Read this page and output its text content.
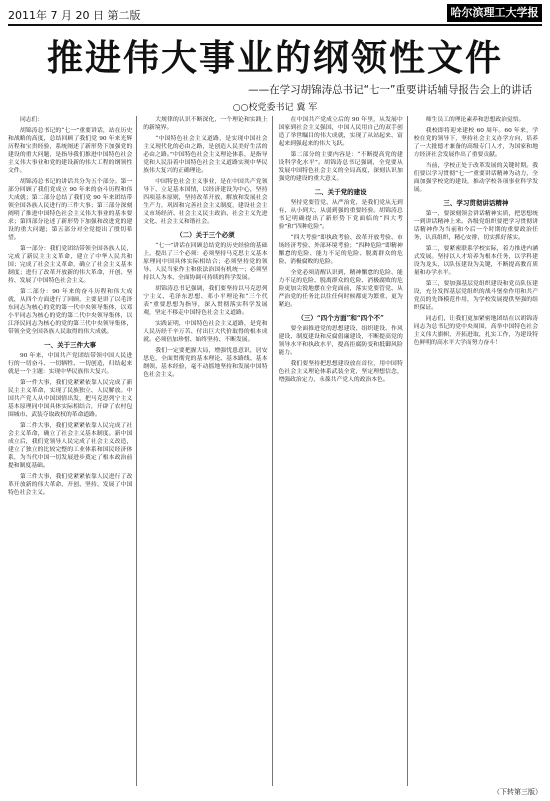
2011年 7 月 20 日 第二版	哈尔滨理工大学报
推进伟大事业的纲领性文件
——在学习胡锦涛总书记“七一”重要讲话辅导报告会上的讲话
○○校党委书记 冀 军

同志们：

胡锦涛总书记的“七一”重要讲话，站在历史和战略的高度，总结回顾了我们党 90 年来光辉历程和宝贵经验，系统阐述了新形势下加强党的建设的重大问题，是指导我们推进中国特色社会主义伟大事业和党的建设新的伟大工程的纲领性文件。

胡锦涛总书记的讲话共分为五个部分。第一部分回顾了我们党成立 90 年来的奋斗历程和伟大成就；第二部分总结了我们党 90 年来团结带领全国各族人民进行的三件大事；第三部分深刻阐明了推进中国特色社会主义伟大事业的基本要求；第四部分论述了新形势下加强和改进党的建设的重大问题；第五部分对全党提出了殷切希望。

第一部分：我们党团结带领全国各族人民，完成了新民主主义革命，建立了中华人民共和国；完成了社会主义革命，确立了社会主义基本制度；进行了改革开放新的伟大革命，开创、坚持、发展了中国特色社会主义。

第二部分：90 年来的奋斗历程和伟大成就，从四个方面进行了回顾，主要是讲了以毛泽东同志为核心的党的第一代中央领导集体，以邓小平同志为核心的党的第二代中央领导集体，以江泽民同志为核心的党的第三代中央领导集体，带领全党全国各族人民取得的伟大成就。

一、关于三件大事

90 年来，中国共产党团结带领中国人民进行的一切奋斗、一切牺牲、一切创造，归结起来就是一个主题：实现中华民族伟大复兴。

第一件大事，我们党紧紧依靠人民完成了新民主主义革命，实现了民族独立、人民解放。中国共产党人从中国国情出发，把马克思列宁主义基本原理同中国具体实际相结合，开辟了农村包围城市、武装夺取政权的革命道路。

第二件大事，我们党紧紧依靠人民完成了社会主义革命，确立了社会主义基本制度。新中国成立后，我们党领导人民完成了社会主义改造，建立了独立的比较完整的工业体系和国民经济体系，为当代中国一切发展进步奠定了根本政治前提和制度基础。

第三件大事，我们党紧紧依靠人民进行了改革开放新的伟大革命，开创、坚持、发展了中国特色社会主义。

大规律的认识不断深化，一个理论和实践上的新境界。

“中国特色社会主义道路，是实现中国社会主义现代化的必由之路，是创造人民美好生活的必由之路。”中国特色社会主义理论体系，是指导党和人民沿着中国特色社会主义道路实现中华民族伟大复兴的正确理论。

中国特色社会主义事业，是在中国共产党领导下，立足基本国情，以经济建设为中心，坚持四项基本原则，坚持改革开放，解放和发展社会生产力，巩固和完善社会主义制度，建设社会主义市场经济、社会主义民主政治、社会主义先进文化、社会主义和谐社会。

（二）关于三个必须

“七一”讲话在回顾总结党的历史经验的基础上，提出了三个必须：必须坚持马克思主义基本原理同中国具体实际相结合；必须坚持党的领导、人民当家作主和依法治国有机统一；必须坚持以人为本、全面协调可持续的科学发展。

胡锦涛总书记强调，我们要坚持以马克思列宁主义、毛泽东思想、邓小平理论和“三个代表”重要思想为指导，深入贯彻落实科学发展观，坚定不移走中国特色社会主义道路。

实践证明，中国特色社会主义道路，是党和人民历经千辛万苦、付出巨大代价取得的根本成就。必须倍加珍惜、始终坚持、不断发展。

我们一定要把握大局，增强忧患意识，居安思危，全面贯彻党的基本理论、基本路线、基本纲领、基本经验，毫不动摇地坚持和发展中国特色社会主义。

在中国共产党成立后的 90 年里，从发展中国家到社会主义强国，中国人民用自己的双手创造了举世瞩目的伟大成就，实现了从站起来、富起来到强起来的伟大飞跃。

第二部分的主要内容是：“不断提高党的建设科学化水平”。胡锦涛总书记强调，全党要从发展中国特色社会主义的全局高度，深刻认识加强党的建设的重大意义。

二、关于党的建设

坚持党要管党、从严治党，是我们党从无到有、从小到大、从弱到强的重要经验。胡锦涛总书记明确提出了新形势下党面临的“四大考验”和“四种危险”。

“四大考验”即执政考验、改革开放考验、市场经济考验、外部环境考验；“四种危险”即精神懈怠的危险、能力不足的危险、脱离群众的危险、消极腐败的危险。

全党必须清醒认识到，精神懈怠的危险、能力不足的危险、脱离群众的危险、消极腐败的危险更加尖锐地摆在全党面前，落实党要管党、从严治党的任务比以往任何时候都更为繁重、更为紧迫。

（三）“四个方面”和“四个不”

要全面推进党的思想建设、组织建设、作风建设、制度建设和反腐倡廉建设，不断提高党的领导水平和执政水平，提高拒腐防变和抵御风险能力。

我们要坚持把思想建设放在首位，用中国特色社会主义理论体系武装全党，坚定理想信念，增强政治定力，永葆共产党人的政治本色。

师生员工的理论素养和思想政治觉悟。

我校即将迎来建校 60 周年。60 年来，学校在党的领导下，坚持社会主义办学方向，培养了一大批德才兼备的高级专门人才，为国家和地方经济社会发展作出了重要贡献。

当前，学校正处于改革发展的关键时期。我们要以学习贯彻“七一”重要讲话精神为动力，全面加强学校党的建设，推动学校各项事业科学发展。

三、学习贯彻讲话精神

第一，要深刻领会讲话精神实质，把思想统一到讲话精神上来。各级党组织要把学习贯彻讲话精神作为当前和今后一个时期的重要政治任务，认真组织，精心安排，切实抓好落实。

第二，要紧密联系学校实际，着力推进内涵式发展。坚持以人才培养为根本任务，以学科建设为龙头，以队伍建设为关键，不断提高教育质量和办学水平。

第三，要加强基层党组织建设和党员队伍建设，充分发挥基层党组织的战斗堡垒作用和共产党员的先锋模范作用，为学校发展提供坚强的组织保证。

同志们，让我们更加紧密地团结在以胡锦涛同志为总书记的党中央周围，高举中国特色社会主义伟大旗帜，开拓进取，扎实工作，为建设特色鲜明的高水平大学而努力奋斗！

（下转第三版）
